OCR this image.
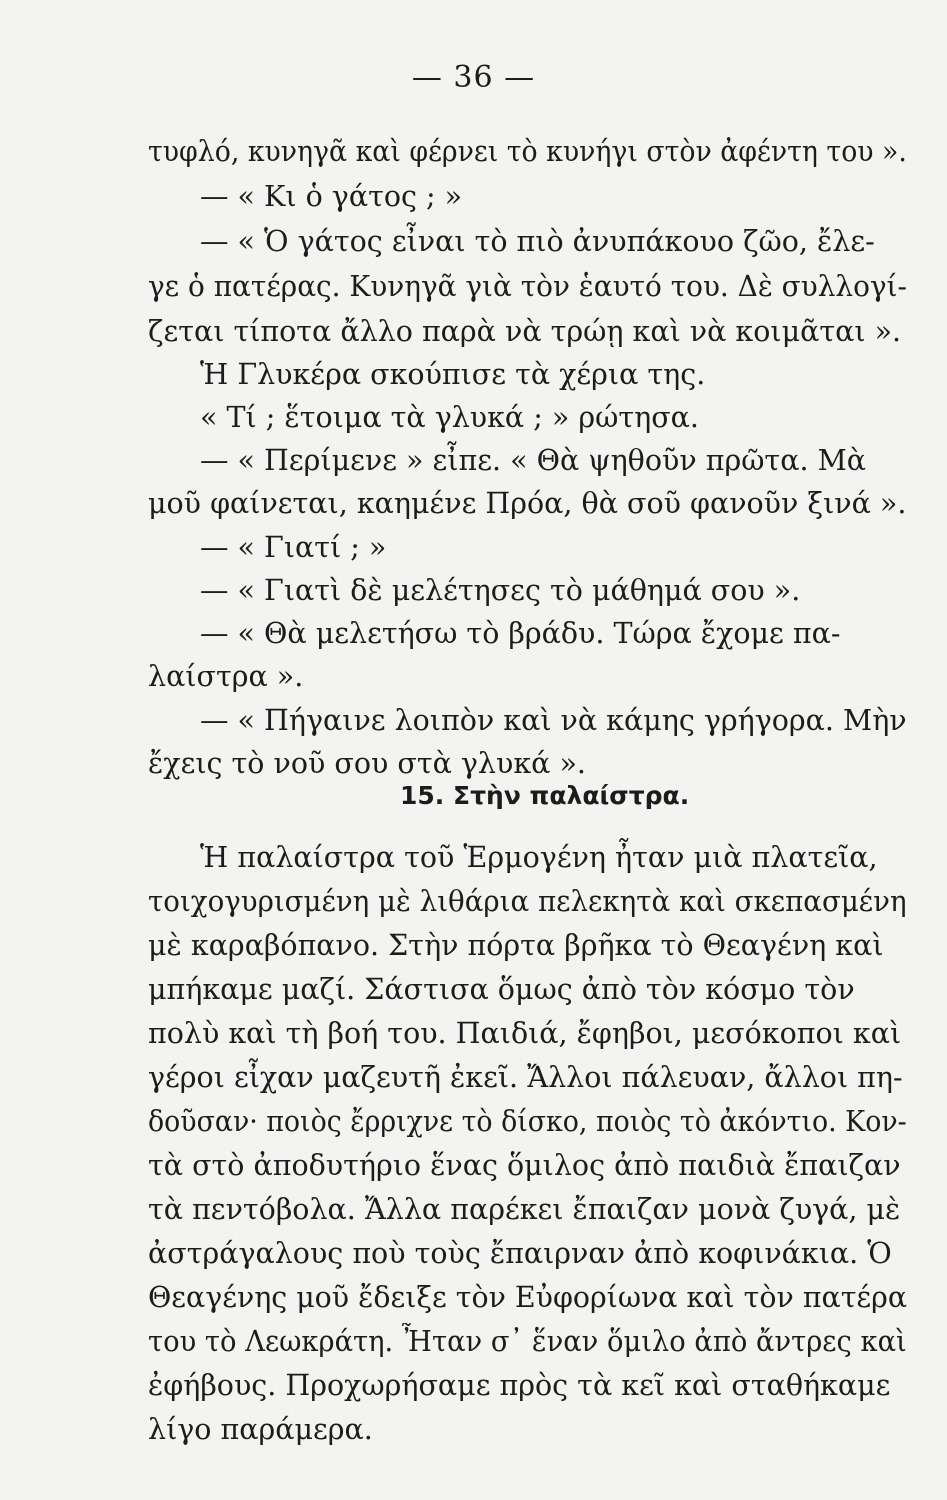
— 36 —
τυφλό, κυνηγᾶ καὶ φέρνει τὸ κυνήγι στὸν ἀφέντη του ».
— « Κι ὁ γάτος ; »
— « Ὁ γάτος εἶναι τὸ πιὸ ἀνυπάκουο ζῶο, ἔλε-
γε ὁ πατέρας. Κυνηγᾶ γιὰ τὸν ἑαυτό του. Δὲ συλλογί-
ζεται τίποτα ἄλλο παρὰ νὰ τρώῃ καὶ νὰ κοιμᾶται ».
Ἡ Γλυκέρα σκούπισε τὰ χέρια της.
« Τί ; ἕτοιμα τὰ γλυκά ; » ρώτησα.
— « Περίμενε » εἶπε. « Θὰ ψηθοῦν πρῶτα. Μὰ
μοῦ φαίνεται, καημένε Πρόα, θὰ σοῦ φανοῦν ξινά ».
— « Γιατί ; »
— « Γιατὶ δὲ μελέτησες τὸ μάθημά σου ».
— « Θὰ μελετήσω τὸ βράδυ. Τώρα ἔχομε πα-
λαίστρα ».
— « Πήγαινε λοιπὸν καὶ νὰ κάμης γρήγορα. Μὴν
ἔχεις τὸ νοῦ σου στὰ γλυκά ».
15. Στὴν παλαίστρα.
Ἡ παλαίστρα τοῦ Ἑρμογένη ἦταν μιὰ πλατεῖα,
τοιχογυρισμένη μὲ λιθάρια πελεκητὰ καὶ σκεπασμένη
μὲ καραβόπανο. Στὴν πόρτα βρῆκα τὸ Θεαγένη καὶ
μπήκαμε μαζί. Σάστισα ὅμως ἀπὸ τὸν κόσμο τὸν
πολὺ καὶ τὴ βοή του. Παιδιά, ἔφηβοι, μεσόκοποι καὶ
γέροι εἶχαν μαζευτῆ ἐκεῖ. Ἄλλοι πάλευαν, ἄλλοι πη-
δοῦσαν· ποιὸς ἔρριχνε τὸ δίσκο, ποιὸς τὸ ἀκόντιο. Κον-
τὰ στὸ ἀποδυτήριο ἕνας ὅμιλος ἀπὸ παιδιὰ ἔπαιζαν
τὰ πεντόβολα. Ἄλλα παρέκει ἔπαιζαν μονὰ ζυγά, μὲ
ἀστράγαλους ποὺ τοὺς ἔπαιρναν ἀπὸ κοφινάκια. Ὁ
Θεαγένης μοῦ ἔδειξε τὸν Εὐφορίωνα καὶ τὸν πατέρα
του τὸ Λεωκράτη. Ἦταν σ᾽ ἕναν ὅμιλο ἀπὸ ἄντρες καὶ
ἐφήβους. Προχωρήσαμε πρὸς τὰ κεῖ καὶ σταθήκαμε
λίγο παράμερα.
